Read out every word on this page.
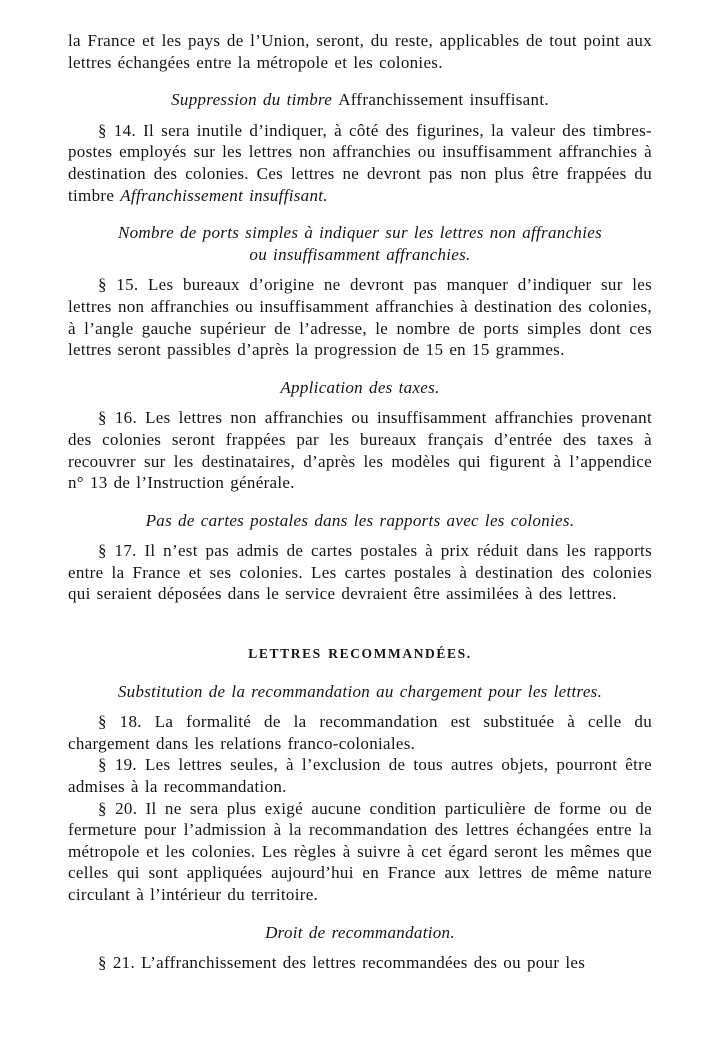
la France et les pays de l’Union, seront, du reste, applicables de tout point aux lettres échangées entre la métropole et les colonies.

Suppression du timbre Affranchissement insuffisant.

§ 14. Il sera inutile d’indiquer, à côté des figurines, la valeur des timbres-postes employés sur les lettres non affranchies ou insuffisamment affranchies à destination des colonies. Ces lettres ne devront pas non plus être frappées du timbre Affranchissement insuffisant.

Nombre de ports simples à indiquer sur les lettres non affranchies
ou insuffisamment affranchies.

§ 15. Les bureaux d’origine ne devront pas manquer d’indiquer sur les lettres non affranchies ou insuffisamment affranchies à destination des colonies, à l’angle gauche supérieur de l’adresse, le nombre de ports simples dont ces lettres seront passibles d’après la progression de 15 en 15 grammes.

Application des taxes.

§ 16. Les lettres non affranchies ou insuffisamment affranchies provenant des colonies seront frappées par les bureaux français d’entrée des taxes à recouvrer sur les destinataires, d’après les modèles qui figurent à l’appendice n° 13 de l’Instruction générale.

Pas de cartes postales dans les rapports avec les colonies.

§ 17. Il n’est pas admis de cartes postales à prix réduit dans les rapports entre la France et ses colonies. Les cartes postales à destination des colonies qui seraient déposées dans le service devraient être assimilées à des lettres.

LETTRES RECOMMANDÉES.
Substitution de la recommandation au chargement pour les lettres.

§ 18. La formalité de la recommandation est substituée à celle du chargement dans les relations franco-coloniales.

§ 19. Les lettres seules, à l’exclusion de tous autres objets, pourront être admises à la recommandation.

§ 20. Il ne sera plus exigé aucune condition particulière de forme ou de fermeture pour l’admission à la recommandation des lettres échangées entre la métropole et les colonies. Les règles à suivre à cet égard seront les mêmes que celles qui sont appliquées aujourd’hui en France aux lettres de même nature circulant à l’intérieur du territoire.

Droit de recommandation.

§ 21. L’affranchissement des lettres recommandées des ou pour les
